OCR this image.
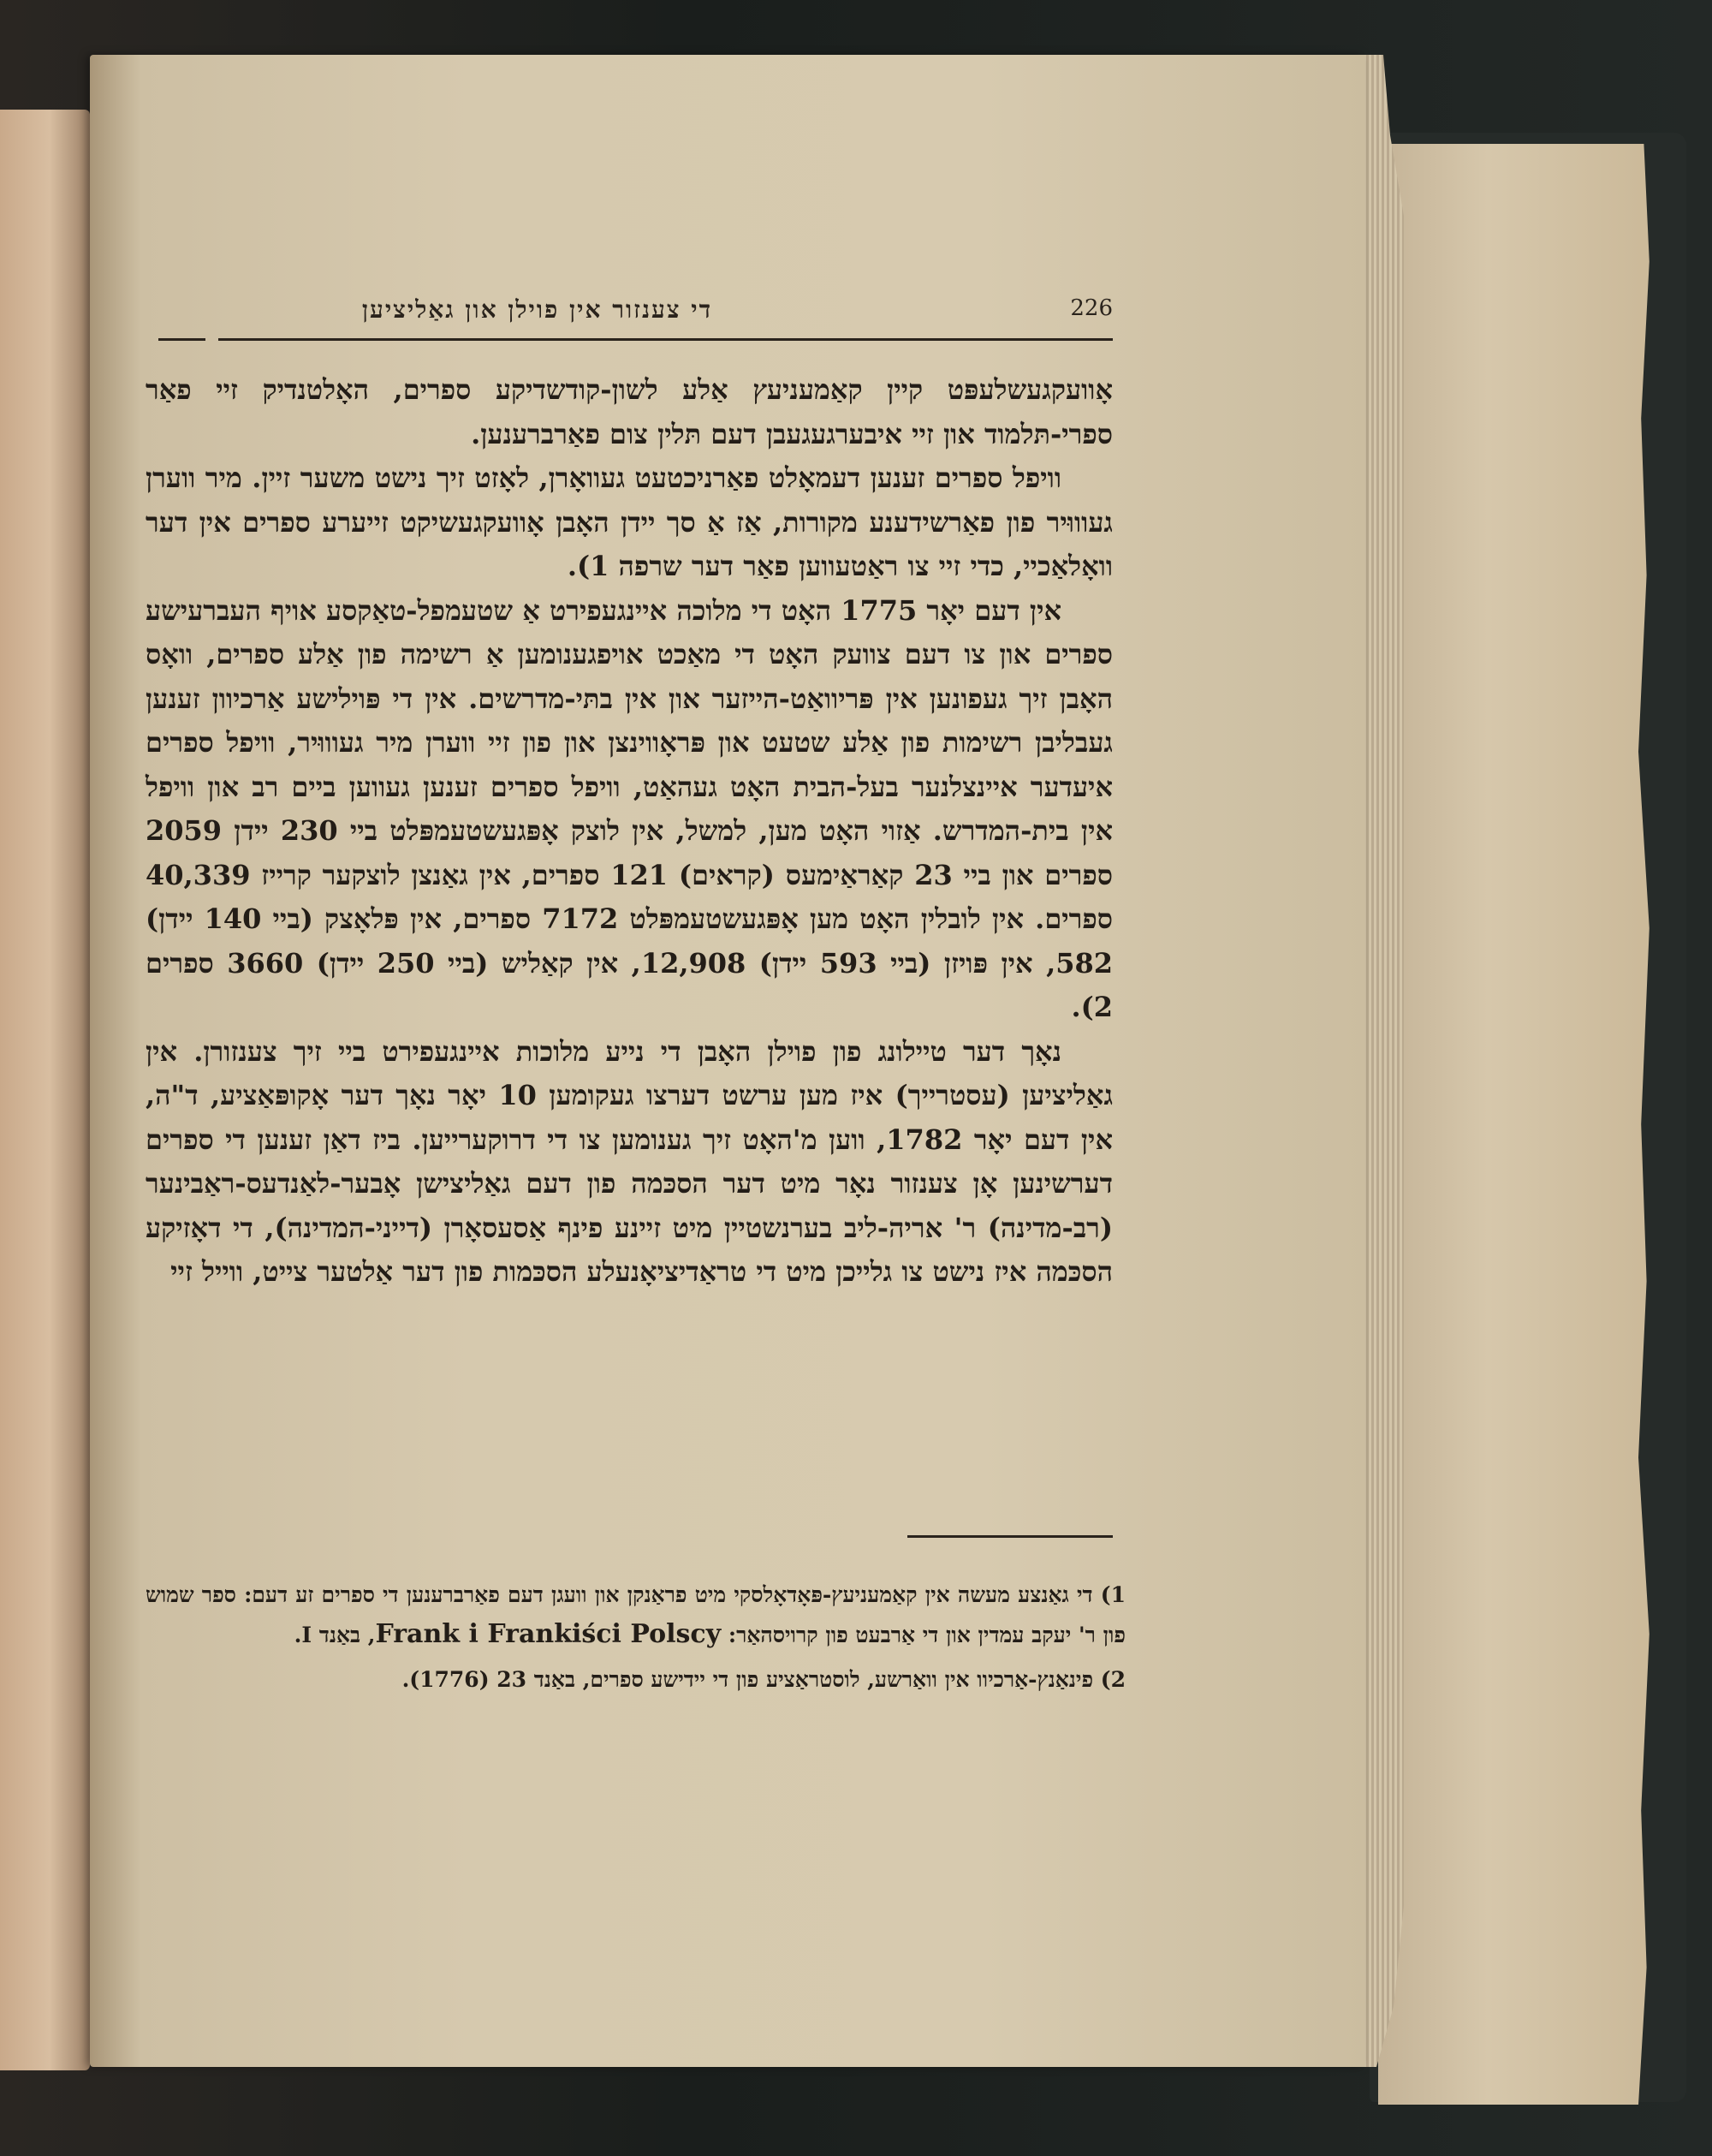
226
די צענזור אין פוילן און גאַליציען

אָוועקגעשלעפּט קיין קאַמעניעץ אַלע לשון-קודשדיקע ספרים, האָלטנדיק זיי פאַר ספרי-תּלמוד און זיי איבערגעגעבן דעם תּלין צום פאַרברענען.

וויפל ספרים זענען דעמאָלט פאַרניכטעט געוואָרן, לאָזט זיך נישט משער זיין. מיר ווערן געוווּיר פון פאַרשידענע מקורות, אַז אַ סך יידן האָבן אָוועקגעשיקט זייערע ספרים אין דער וואָלאַכיי, כדי זיי צו ראַטעווען פאַר דער שרפה 1).

אין דעם יאָר 1775 האָט די מלוכה איינגעפירט אַ שטעמפל-טאַקסע אויף העברעישע ספרים און צו דעם צוועק האָט די מאַכט אויפגענומען אַ רשימה פון אַלע ספרים, וואָס האָבן זיך געפונען אין פּריוואַט-הייזער און אין בתּי-מדרשים. אין די פּוילישע אַרכיוון זענען געבליבן רשימות פון אַלע שטעט און פּראָווינצן און פון זיי ווערן מיר געוווּיר, וויפל ספרים איעדער איינצלנער בעל-הבית האָט געהאַט, וויפל ספרים זענען געווען ביים רב און וויפל אין בית-המדרש. אַזוי האָט מען, למשל, אין לוצק אָפּגעשטעמפּלט ביי 230 יידן 2059 ספרים און ביי 23 קאַראַימעס (קראים) 121 ספרים, אין גאַנצן לוצקער קרייז 40,339 ספרים. אין לובלין האָט מען אָפּגעשטעמפּלט 7172 ספרים, אין פּלאָצק (ביי 140 יידן) 582, אין פּויזן (ביי 593 יידן) 12,908, אין קאַליש (ביי 250 יידן) 3660 ספרים 2).

נאָך דער טיילונג פון פוילן האָבן די נייע מלוכות איינגעפירט ביי זיך צענזורן. אין גאַליציען (עסטרייך) איז מען ערשט דערצו געקומען 10 יאָר נאָך דער אָקופּאַציע, ד"ה, אין דעם יאָר 1782, ווען מ'האָט זיך גענומען צו די דרוקערייען. ביז דאַן זענען די ספרים דערשינען אָן צענזור נאָר מיט דער הסכּמה פון דעם גאַליצישן אָבער-לאַנדעס-ראַבינער (רב-מדינה) ר' אריה-ליב בערנשטיין מיט זיינע פינף אַסעסאָרן (דייני-המדינה), די דאָזיקע הסכּמה איז נישט צו גלייכן מיט די טראַדיציאָנעלע הסכּמות פון דער אַלטער צייט, ווייל זיי

1) די גאַנצע מעשה אין קאַמעניעץ-פּאָדאָלסקי מיט פראַנקן און וועגן דעם פאַרברענען די ספרים זע דעם: ספר שמוש פון ר' יעקב עמדין און די אַרבעט פון קרויסהאַר: Frank i Frankiści Polscy, באַנד I.

2) פינאַנץ-אַרכיוו אין וואַרשע, לוסטראַציע פון די יידישע ספרים, באַנד 23 (1776).
